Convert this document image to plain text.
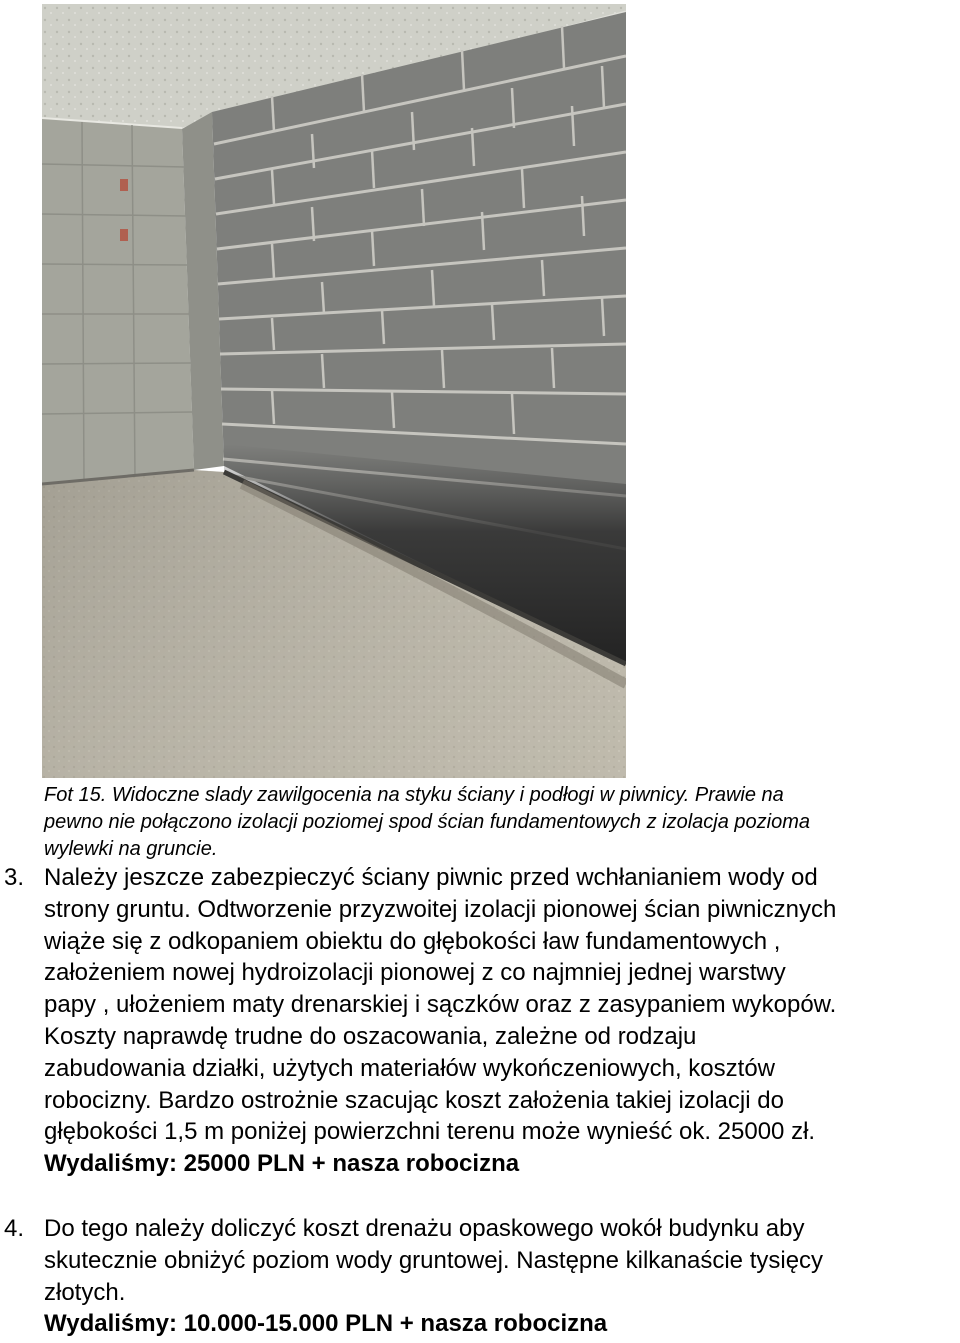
Fot 15. Widoczne slady zawilgocenia na styku ściany i podłogi w piwnicy. Prawie na
pewno nie połączono izolacji poziomej spod ścian fundamentowych z izolacja pozioma
wylewki na gruncie.
3. Należy jeszcze zabezpieczyć ściany piwnic przed wchłanianiem wody od
strony gruntu. Odtworzenie przyzwoitej izolacji pionowej ścian piwnicznych
wiąże się z odkopaniem obiektu do głębokości ław fundamentowych ,
założeniem nowej hydroizolacji pionowej z co najmniej jednej warstwy
papy , ułożeniem maty drenarskiej i sączków oraz z zasypaniem wykopów.
Koszty naprawdę trudne do oszacowania, zależne od rodzaju
zabudowania działki, użytych materiałów wykończeniowych, kosztów
robocizny. Bardzo ostrożnie szacując koszt założenia takiej izolacji do
głębokości 1,5 m poniżej powierzchni terenu może wynieść ok. 25000 zł.
Wydaliśmy: 25000 PLN + nasza robocizna
4. Do tego należy doliczyć koszt drenażu opaskowego wokół budynku aby
skutecznie obniżyć poziom wody gruntowej. Następne kilkanaście tysięcy
złotych.
Wydaliśmy: 10.000-15.000 PLN + nasza robocizna
